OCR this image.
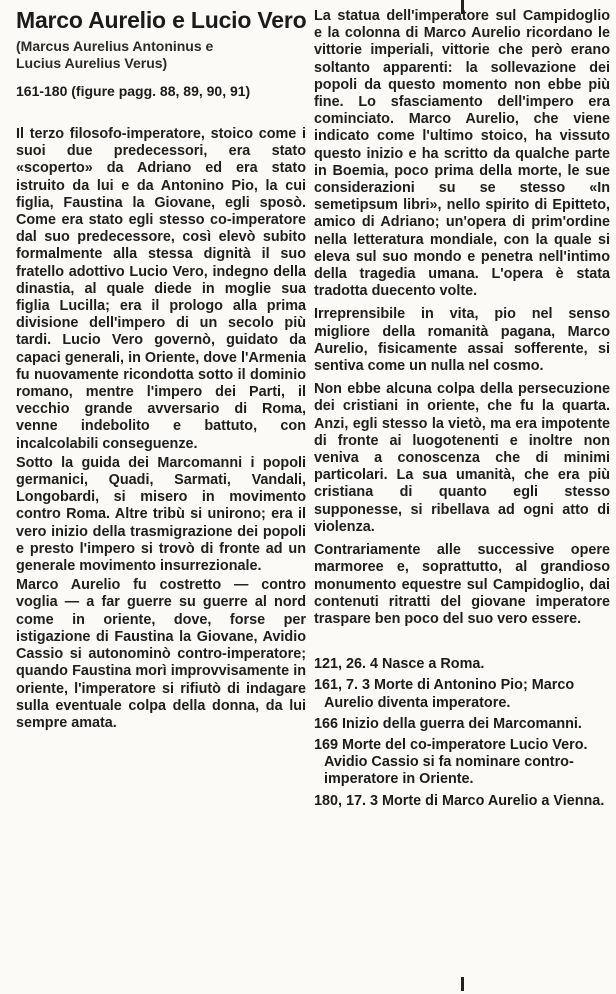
Marco Aurelio e Lucio Vero
(Marcus Aurelius Antoninus e
Lucius Aurelius Verus)
161-180 (figure pagg. 88, 89, 90, 91)

Il terzo filosofo-imperatore, stoico come i suoi due predecessori, era stato «scoperto» da Adriano ed era stato istruito da lui e da Antonino Pio, la cui figlia, Faustina la Giovane, egli sposò. Come era stato egli stesso co-imperatore dal suo predecessore, così elevò subito formalmente alla stessa dignità il suo fratello adottivo Lucio Vero, indegno della dinastia, al quale diede in moglie sua figlia Lucilla; era il prologo alla prima divisione dell'impero di un secolo più tardi. Lucio Vero governò, guidato da capaci generali, in Oriente, dove l'Armenia fu nuovamente ricondotta sotto il dominio romano, mentre l'impero dei Parti, il vecchio grande avversario di Roma, venne indebolito e battuto, con incalcolabili conseguenze.

Sotto la guida dei Marcomanni i popoli germanici, Quadi, Sarmati, Vandali, Longobardi, si misero in movimento contro Roma. Altre tribù si unirono; era il vero inizio della trasmigrazione dei popoli e presto l'impero si trovò di fronte ad un generale movimento insurrezionale.

Marco Aurelio fu costretto — contro voglia — a far guerre su guerre al nord come in oriente, dove, forse per istigazione di Faustina la Giovane, Avidio Cassio si autonominò contro-imperatore; quando Faustina morì improvvisamente in oriente, l'imperatore si rifiutò di indagare sulla eventuale colpa della donna, da lui sempre amata.

La statua dell'imperatore sul Campidoglio e la colonna di Marco Aurelio ricordano le vittorie imperiali, vittorie che però erano soltanto apparenti: la sollevazione dei popoli da questo momento non ebbe più fine. Lo sfasciamento dell'impero era cominciato. Marco Aurelio, che viene indicato come l'ultimo stoico, ha vissuto questo inizio e ha scritto da qualche parte in Boemia, poco prima della morte, le sue considerazioni su se stesso «In semetipsum libri», nello spirito di Epitteto, amico di Adriano; un'opera di prim'ordine nella letteratura mondiale, con la quale si eleva sul suo mondo e penetra nell'intimo della tragedia umana. L'opera è stata tradotta duecento volte.

Irreprensibile in vita, pio nel senso migliore della romanità pagana, Marco Aurelio, fisicamente assai sofferente, si sentiva come un nulla nel cosmo.

Non ebbe alcuna colpa della persecuzione dei cristiani in oriente, che fu la quarta. Anzi, egli stesso la vietò, ma era impotente di fronte ai luogotenenti e inoltre non veniva a conoscenza che di minimi particolari. La sua umanità, che era più cristiana di quanto egli stesso supponesse, si ribellava ad ogni atto di violenza.

Contrariamente alle successive opere marmoree e, soprattutto, al grandioso monumento equestre sul Campidoglio, dai contenuti ritratti del giovane imperatore traspare ben poco del suo vero essere.

121, 26. 4 Nasce a Roma.
161, 7. 3 Morte di Antonino Pio; Marco Aurelio diventa imperatore.
166 Inizio della guerra dei Marcomanni.
169 Morte del co-imperatore Lucio Vero. Avidio Cassio si fa nominare contro-imperatore in Oriente.
180, 17. 3 Morte di Marco Aurelio a Vienna.
